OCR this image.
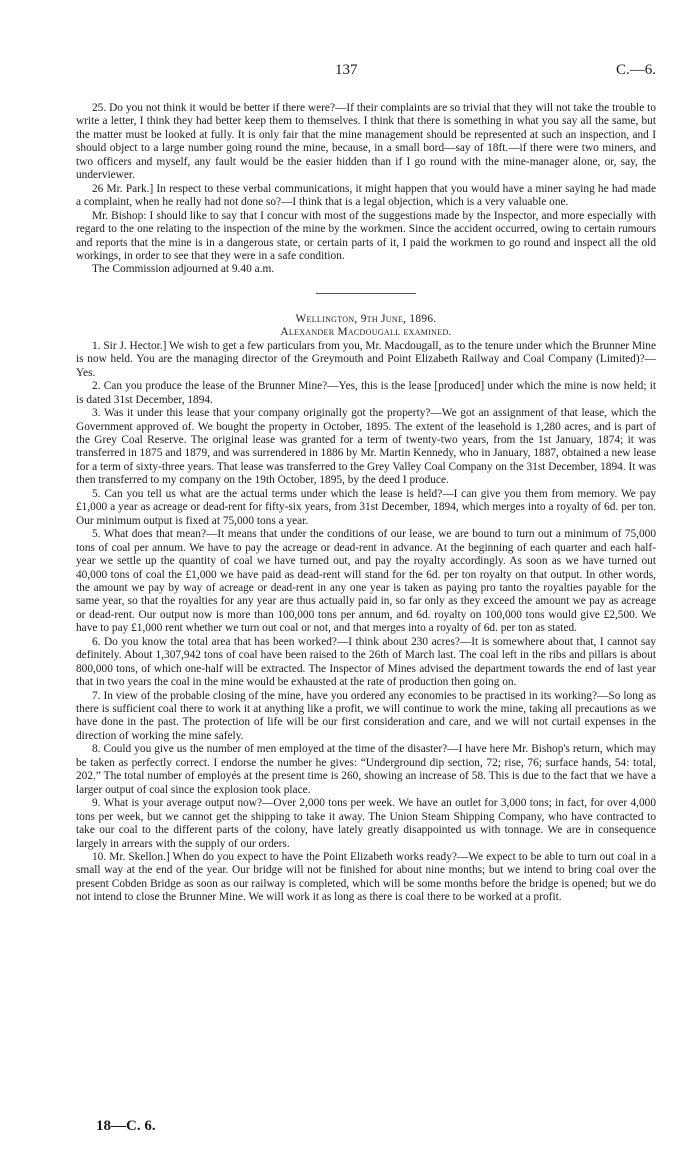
137	C.—6.

25. Do you not think it would be better if there were?—If their complaints are so trivial that they will not take the trouble to write a letter, I think they had better keep them to themselves. I think that there is something in what you say all the same, but the matter must be looked at fully. It is only fair that the mine management should be represented at such an inspection, and I should object to a large number going round the mine, because, in a small bord—say of 18ft.—if there were two miners, and two officers and myself, any fault would be the easier hidden than if I go round with the mine-manager alone, or, say, the underviewer.

26 Mr. Park.] In respect to these verbal communications, it might happen that you would have a miner saying he had made a complaint, when he really had not done so?—I think that is a legal objection, which is a very valuable one.

Mr. Bishop: I should like to say that I concur with most of the suggestions made by the Inspector, and more especially with regard to the one relating to the inspection of the mine by the workmen. Since the accident occurred, owing to certain rumours and reports that the mine is in a dangerous state, or certain parts of it, I paid the workmen to go round and inspect all the old workings, in order to see that they were in a safe condition.

The Commission adjourned at 9.40 a.m.

Wellington, 9th June, 1896.

Alexander Macdougall examined.

1. Sir J. Hector.] We wish to get a few particulars from you, Mr. Macdougall, as to the tenure under which the Brunner Mine is now held. You are the managing director of the Greymouth and Point Elizabeth Railway and Coal Company (Limited)?—Yes.

2. Can you produce the lease of the Brunner Mine?—Yes, this is the lease [produced] under which the mine is now held; it is dated 31st December, 1894.

3. Was it under this lease that your company originally got the property?—We got an assignment of that lease, which the Government approved of. We bought the property in October, 1895. The extent of the leasehold is 1,280 acres, and is part of the Grey Coal Reserve. The original lease was granted for a term of twenty-two years, from the 1st January, 1874; it was transferred in 1875 and 1879, and was surrendered in 1886 by Mr. Martin Kennedy, who in January, 1887, obtained a new lease for a term of sixty-three years. That lease was transferred to the Grey Valley Coal Company on the 31st December, 1894. It was then transferred to my company on the 19th October, 1895, by the deed I produce.

5. Can you tell us what are the actual terms under which the lease is held?—I can give you them from memory. We pay £1,000 a year as acreage or dead-rent for fifty-six years, from 31st December, 1894, which merges into a royalty of 6d. per ton. Our minimum output is fixed at 75,000 tons a year.

5. What does that mean?—It means that under the conditions of our lease, we are bound to turn out a minimum of 75,000 tons of coal per annum. We have to pay the acreage or dead-rent in advance. At the beginning of each quarter and each half-year we settle up the quantity of coal we have turned out, and pay the royalty accordingly. As soon as we have turned out 40,000 tons of coal the £1,000 we have paid as dead-rent will stand for the 6d. per ton royalty on that output. In other words, the amount we pay by way of acreage or dead-rent in any one year is taken as paying pro tanto the royalties payable for the same year, so that the royalties for any year are thus actually paid in, so far only as they exceed the amount we pay as acreage or dead-rent. Our output now is more than 100,000 tons per annum, and 6d. royalty on 100,000 tons would give £2,500. We have to pay £1,000 rent whether we turn out coal or not, and that merges into a royalty of 6d. per ton as stated.

6. Do you know the total area that has been worked?—I think about 230 acres?—It is somewhere about that, I cannot say definitely. About 1,307,942 tons of coal have been raised to the 26th of March last. The coal left in the ribs and pillars is about 800,000 tons, of which one-half will be extracted. The Inspector of Mines advised the department towards the end of last year that in two years the coal in the mine would be exhausted at the rate of production then going on.

7. In view of the probable closing of the mine, have you ordered any economies to be practised in its working?—So long as there is sufficient coal there to work it at anything like a profit, we will continue to work the mine, taking all precautions as we have done in the past. The protection of life will be our first consideration and care, and we will not curtail expenses in the direction of working the mine safely.

8. Could you give us the number of men employed at the time of the disaster?—I have here Mr. Bishop's return, which may be taken as perfectly correct. I endorse the number he gives: “Underground dip section, 72; rise, 76; surface hands, 54: total, 202.” The total number of employés at the present time is 260, showing an increase of 58. This is due to the fact that we have a larger output of coal since the explosion took place.

9. What is your average output now?—Over 2,000 tons per week. We have an outlet for 3,000 tons; in fact, for over 4,000 tons per week, but we cannot get the shipping to take it away. The Union Steam Shipping Company, who have contracted to take our coal to the different parts of the colony, have lately greatly disappointed us with tonnage. We are in consequence largely in arrears with the supply of our orders.

10. Mr. Skellon.] When do you expect to have the Point Elizabeth works ready?—We expect to be able to turn out coal in a small way at the end of the year. Our bridge will not be finished for about nine months; but we intend to bring coal over the present Cobden Bridge as soon as our railway is completed, which will be some months before the bridge is opened; but we do not intend to close the Brunner Mine. We will work it as long as there is coal there to be worked at a profit.

18—C. 6.
